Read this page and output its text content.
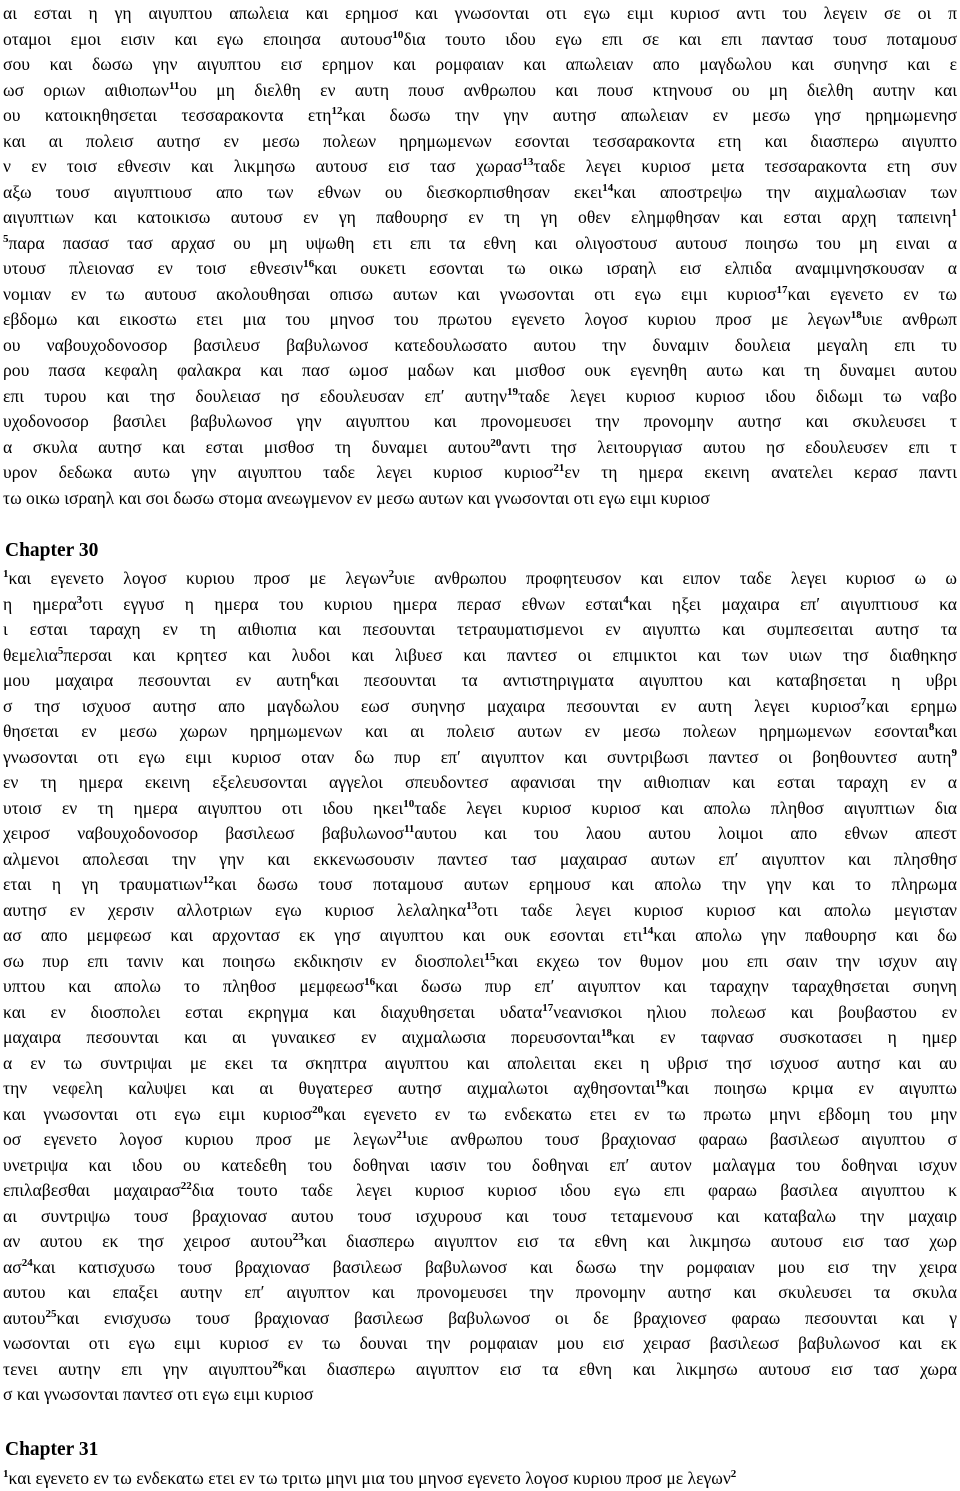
αι εσται η γη αιγυπτου απωλεια και ερημοσ και γνωσονται οτι εγω ειμι κυριοσ αντι του λεγειν σε οι π
οταμοι εμοι εισιν και εγω εποιησα αυτουσ$^{10}$δια τουτο ιδου εγω επι σε και επι παντασ τουσ ποταμουσ
σου και δωσω γην αιγυπτου εισ ερημον και ρομφαιαν και απωλειαν απο μαγδωλου και συηνησ και ε
ωσ οριων αιθιοπων$^{11}$ου μη διελθη εν αυτη πουσ ανθρωπου και πουσ κτηνουσ ου μη διελθη αυτην και
ου κατοικηθησεται τεσσαρακοντα ετη$^{12}$και δωσω την γην αυτησ απωλειαν εν μεσω γησ ηρημωμενησ
και αι πολεισ αυτησ εν μεσω πολεων ηρημωμενων εσονται τεσσαρακοντα ετη και διασπερω αιγυπτο
ν εν τοισ εθνεσιν και λικμησω αυτουσ εισ τασ χωρασ$^{13}$ταδε λεγει κυριοσ μετα τεσσαρακοντα ετη συν
αξω τουσ αιγυπτιουσ απο των εθνων ου διεσκορπισθησαν εκει$^{14}$και αποστρεψω την αιχμαλωσιαν των
αιγυπτιων και κατοικισω αυτουσ εν γη παθουρησ εν τη γη οθεν ελημφθησαν και εσται αρχη ταπεινη$^1$
$^5$παρα πασασ τασ αρχασ ου μη υψωθη ετι επι τα εθνη και ολιγοστουσ αυτουσ ποιησω του μη ειναι α
υτουσ πλειονασ εν τοισ εθνεσιν$^{16}$και ουκετι εσονται τω οικω ισραηλ εισ ελπιδα αναμιμνησκουσαν α
νομιαν εν τω αυτουσ ακολουθησαι οπισω αυτων και γνωσονται οτι εγω ειμι κυριοσ$^{17}$και εγενετο εν τω
εβδομω και εικοστω ετει μια του μηνοσ του πρωτου εγενετο λογοσ κυριου προσ με λεγων$^{18}$υιε ανθρωπ
ου ναβουχοδονοσορ βασιλευσ βαβυλωνοσ κατεδουλωσατο αυτου την δυναμιν δουλεια μεγαλη επι τυ
ρου πασα κεφαλη φαλακρα και πασ ωμοσ μαδων και μισθοσ ουκ εγενηθη αυτω και τη δυναμει αυτου
επι τυρου και τησ δουλειασ ησ εδουλευσαν επ′ αυτην$^{19}$ταδε λεγει κυριοσ κυριοσ ιδου διδωμι τω ναβο
υχοδονοσορ βασιλει βαβυλωνοσ γην αιγυπτου και προνομευσει την προνομην αυτησ και σκυλευσει τ
α σκυλα αυτησ και εσται μισθοσ τη δυναμει αυτου$^{20}$αντι τησ λειτουργιασ αυτου ησ εδουλευσεν επι τ
υρον δεδωκα αυτω γην αιγυπτου ταδε λεγει κυριοσ κυριοσ$^{21}$εν τη ημερα εκεινη ανατελει κερασ παντι
τω οικω ισραηλ και σοι δωσω στομα ανεωγμενον εν μεσω αυτων και γνωσονται οτι εγω ειμι κυριοσ
Chapter 30
$^1$και εγενετο λογοσ κυριου προσ με λεγων$^2$υιε ανθρωπου προφητευσον και ειπον ταδε λεγει κυριοσ ω ω
η ημερα$^3$οτι εγγυσ η ημερα του κυριου ημερα περασ εθνων εσται$^4$και ηξει μαχαιρα επ′ αιγυπτιουσ κα
ι εσται ταραχη εν τη αιθιοπια και πεσουνται τετραυματισμενοι εν αιγυπτω και συμπεσειται αυτησ τα
θεμελια$^5$περσαι και κρητεσ και λυδοι και λιβυεσ και παντεσ οι επιμικτοι και των υιων τησ διαθηκησ
μου μαχαιρα πεσουνται εν αυτη$^6$και πεσουνται τα αντιστηριγματα αιγυπτου και καταβησεται η υβρι
σ τησ ισχυοσ αυτησ απο μαγδωλου εωσ συηνησ μαχαιρα πεσουνται εν αυτη λεγει κυριοσ$^7$και ερημω
θησεται εν μεσω χωρων ηρημωμενων και αι πολεισ αυτων εν μεσω πολεων ηρημωμενων εσονται$^8$και
γνωσονται οτι εγω ειμι κυριοσ οταν δω πυρ επ′ αιγυπτον και συντριβωσι παντεσ οι βοηθουντεσ αυτη$^9$
εν τη ημερα εκεινη εξελευσονται αγγελοι σπευδοντεσ αφανισαι την αιθιοπιαν και εσται ταραχη εν α
υτοισ εν τη ημερα αιγυπτου οτι ιδου ηκει$^{10}$ταδε λεγει κυριοσ κυριοσ και απολω πληθοσ αιγυπτιων δια
χειροσ ναβουχοδονοσορ βασιλεωσ βαβυλωνοσ$^{11}$αυτου και του λαου αυτου λοιμοι απο εθνων απεστ
αλμενοι απολεσαι την γην και εκκενωσουσιν παντεσ τασ μαχαιρασ αυτων επ′ αιγυπτον και πλησθησ
εται η γη τραυματιων$^{12}$και δωσω τουσ ποταμουσ αυτων ερημουσ και απολω την γην και το πληρωμα
αυτησ εν χερσιν αλλοτριων εγω κυριοσ λελαληκα$^{13}$οτι ταδε λεγει κυριοσ κυριοσ και απολω μεγισταν
ασ απο μεμφεωσ και αρχοντασ εκ γησ αιγυπτου και ουκ εσονται ετι$^{14}$και απολω γην παθουρησ και δω
σω πυρ επι τανιν και ποιησω εκδικησιν εν διοσπολει$^{15}$και εκχεω τον θυμον μου επι σαιν την ισχυν αιγ
υπτου και απολω το πληθοσ μεμφεωσ$^{16}$και δωσω πυρ επ′ αιγυπτον και ταραχην ταραχθησεται συηνη
και εν διοσπολει εσται εκρηγμα και διαχυθησεται υδατα$^{17}$νεανισκοι ηλιου πολεωσ και βουβαστου εν
μαχαιρα πεσουνται και αι γυναικεσ εν αιχμαλωσια πορευσονται$^{18}$και εν ταφνασ συσκοτασει η ημερ
α εν τω συντριψαι με εκει τα σκηπτρα αιγυπτου και απολειται εκει η υβρισ τησ ισχυοσ αυτησ και αυ
την νεφελη καλυψει και αι θυγατερεσ αυτησ αιχμαλωτοι αχθησονται$^{19}$και ποιησω κριμα εν αιγυπτω
και γνωσονται οτι εγω ειμι κυριοσ$^{20}$και εγενετο εν τω ενδεκατω ετει εν τω πρωτω μηνι εβδομη του μην
οσ εγενετο λογοσ κυριου προσ με λεγων$^{21}$υιε ανθρωπου τουσ βραχιονασ φαραω βασιλεωσ αιγυπτου σ
υνετριψα και ιδου ου κατεδεθη του δοθηναι ιασιν του δοθηναι επ′ αυτον μαλαγμα του δοθηναι ισχυν
επιλαβεσθαι μαχαιρασ$^{22}$δια τουτο ταδε λεγει κυριοσ κυριοσ ιδου εγω επι φαραω βασιλεα αιγυπτου κ
αι συντριψω τουσ βραχιονασ αυτου τουσ ισχυρουσ και τουσ τεταμενουσ και καταβαλω την μαχαιρ
αν αυτου εκ τησ χειροσ αυτου$^{23}$και διασπερω αιγυπτον εισ τα εθνη και λικμησω αυτουσ εισ τασ χωρ
$\alpha\sigma^{24}\kappa\alpha\iota$ κατισχυσω τουσ βραχιονασ βασιλεωσ βαβυλωνοσ και δωσω την ρομφαιαν μου εισ την χειρα
αυτου και επαξει αυτην επ′ αιγυπτον και προνομευσει την προνομην αυτησ και σκυλευσει τα σκυλα
αυτου$^{25}$και ενισχυσω τουσ βραχιονασ βασιλεωσ βαβυλωνοσ οι δε βραχιονεσ φαραω πεσουνται και γ
νωσονται οτι εγω ειμι κυριοσ εν τω δουναι την ρομφαιαν μου εισ χειρασ βασιλεωσ βαβυλωνοσ και εκ
τενει αυτην επι γην αιγυπτου$^{26}$και διασπερω αιγυπτον εισ τα εθνη και λικμησω αυτουσ εισ τασ χωρα
σ και γνωσονται παντεσ οτι εγω ειμι κυριοσ
Chapter 31
$^1$και εγενετο εν τω ενδεκατω ετει εν τω τριτω μηνι μια του μηνοσ εγενετο λογοσ κυριου προσ με λεγων$^2$
